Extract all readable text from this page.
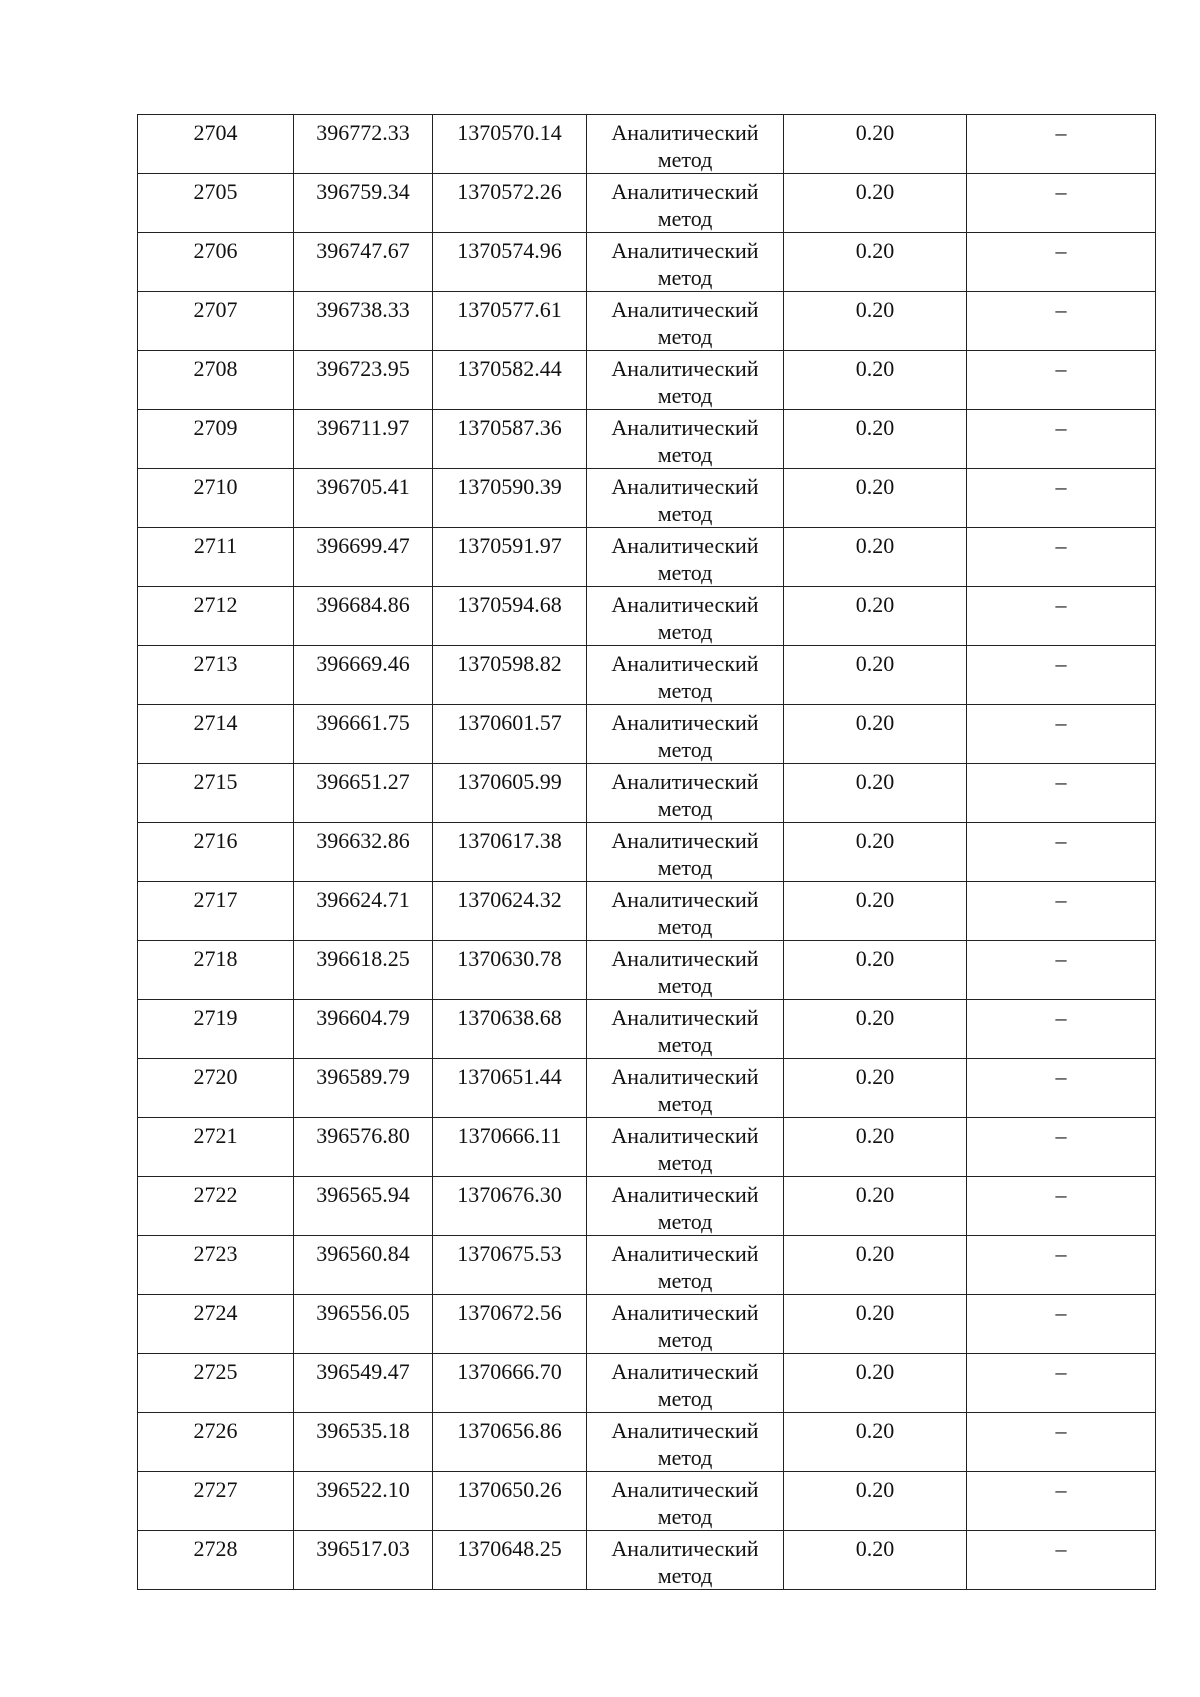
2704	396772.33	1370570.14	Аналитический метод	0.20	–

2705	396759.34	1370572.26	Аналитический метод	0.20	–

2706	396747.67	1370574.96	Аналитический метод	0.20	–

2707	396738.33	1370577.61	Аналитический метод	0.20	–

2708	396723.95	1370582.44	Аналитический метод	0.20	–

2709	396711.97	1370587.36	Аналитический метод	0.20	–

2710	396705.41	1370590.39	Аналитический метод	0.20	–

2711	396699.47	1370591.97	Аналитический метод	0.20	–

2712	396684.86	1370594.68	Аналитический метод	0.20	–

2713	396669.46	1370598.82	Аналитический метод	0.20	–

2714	396661.75	1370601.57	Аналитический метод	0.20	–

2715	396651.27	1370605.99	Аналитический метод	0.20	–

2716	396632.86	1370617.38	Аналитический метод	0.20	–

2717	396624.71	1370624.32	Аналитический метод	0.20	–

2718	396618.25	1370630.78	Аналитический метод	0.20	–

2719	396604.79	1370638.68	Аналитический метод	0.20	–

2720	396589.79	1370651.44	Аналитический метод	0.20	–

2721	396576.80	1370666.11	Аналитический метод	0.20	–

2722	396565.94	1370676.30	Аналитический метод	0.20	–

2723	396560.84	1370675.53	Аналитический метод	0.20	–

2724	396556.05	1370672.56	Аналитический метод	0.20	–

2725	396549.47	1370666.70	Аналитический метод	0.20	–

2726	396535.18	1370656.86	Аналитический метод	0.20	–

2727	396522.10	1370650.26	Аналитический метод	0.20	–

2728	396517.03	1370648.25	Аналитический метод	0.20	–
